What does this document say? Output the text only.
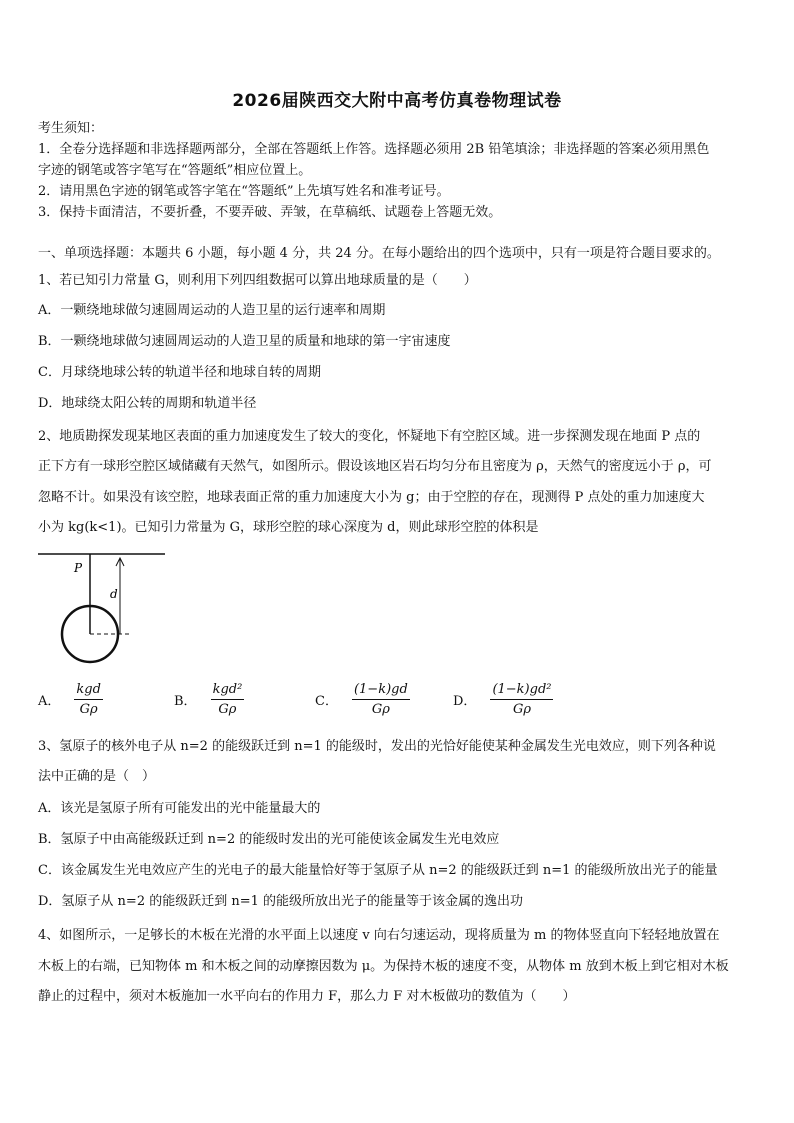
2026届陕西交大附中高考仿真卷物理试卷
考生须知：
1．全卷分选择题和非选择题两部分，全部在答题纸上作答。选择题必须用 2B 铅笔填涂；非选择题的答案必须用黑色
字迹的钢笔或答字笔写在“答题纸”相应位置上。
2．请用黑色字迹的钢笔或答字笔在“答题纸”上先填写姓名和准考证号。
3．保持卡面清洁，不要折叠，不要弄破、弄皱，在草稿纸、试题卷上答题无效。
一、单项选择题：本题共 6 小题，每小题 4 分，共 24 分。在每小题给出的四个选项中，只有一项是符合题目要求的。
1、若已知引力常量 G，则利用下列四组数据可以算出地球质量的是（　　）
A．一颗绕地球做匀速圆周运动的人造卫星的运行速率和周期
B．一颗绕地球做匀速圆周运动的人造卫星的质量和地球的第一宇宙速度
C．月球绕地球公转的轨道半径和地球自转的周期
D．地球绕太阳公转的周期和轨道半径
2、地质勘探发现某地区表面的重力加速度发生了较大的变化，怀疑地下有空腔区域。进一步探测发现在地面 P 点的
正下方有一球形空腔区域储藏有天然气，如图所示。假设该地区岩石均匀分布且密度为 ρ，天然气的密度远小于 ρ，可
忽略不计。如果没有该空腔，地球表面正常的重力加速度大小为 g；由于空腔的存在，现测得 P 点处的重力加速度大
小为 kg(k<1)。已知引力常量为 G，球形空腔的球心深度为 d，则此球形空腔的体积是
P
d
A． $\frac{\text{kgd}}{G\rho}$	B． $\frac{\text{kgd²}}{G\rho}$	C． $\frac{(1-k)gd}{G\rho}$	D． $\frac{\text{(1−k)gd²}}{G\rho}$
3、氢原子的核外电子从 n=2 的能级跃迁到 n=1 的能级时，发出的光恰好能使某种金属发生光电效应，则下列各种说
法中正确的是（　）
A．该光是氢原子所有可能发出的光中能量最大的
B．氢原子中由高能级跃迁到 n=2 的能级时发出的光可能使该金属发生光电效应
C．该金属发生光电效应产生的光电子的最大能量恰好等于氢原子从 n=2 的能级跃迁到 n=1 的能级所放出光子的能量
D．氢原子从 n=2 的能级跃迁到 n=1 的能级所放出光子的能量等于该金属的逸出功
4、如图所示，一足够长的木板在光滑的水平面上以速度 v 向右匀速运动，现将质量为 m 的物体竖直向下轻轻地放置在
木板上的右端，已知物体 m 和木板之间的动摩擦因数为 μ。为保持木板的速度不变，从物体 m 放到木板上到它相对木板
静止的过程中，须对木板施加一水平向右的作用力 F，那么力 F 对木板做功的数值为（　　）
